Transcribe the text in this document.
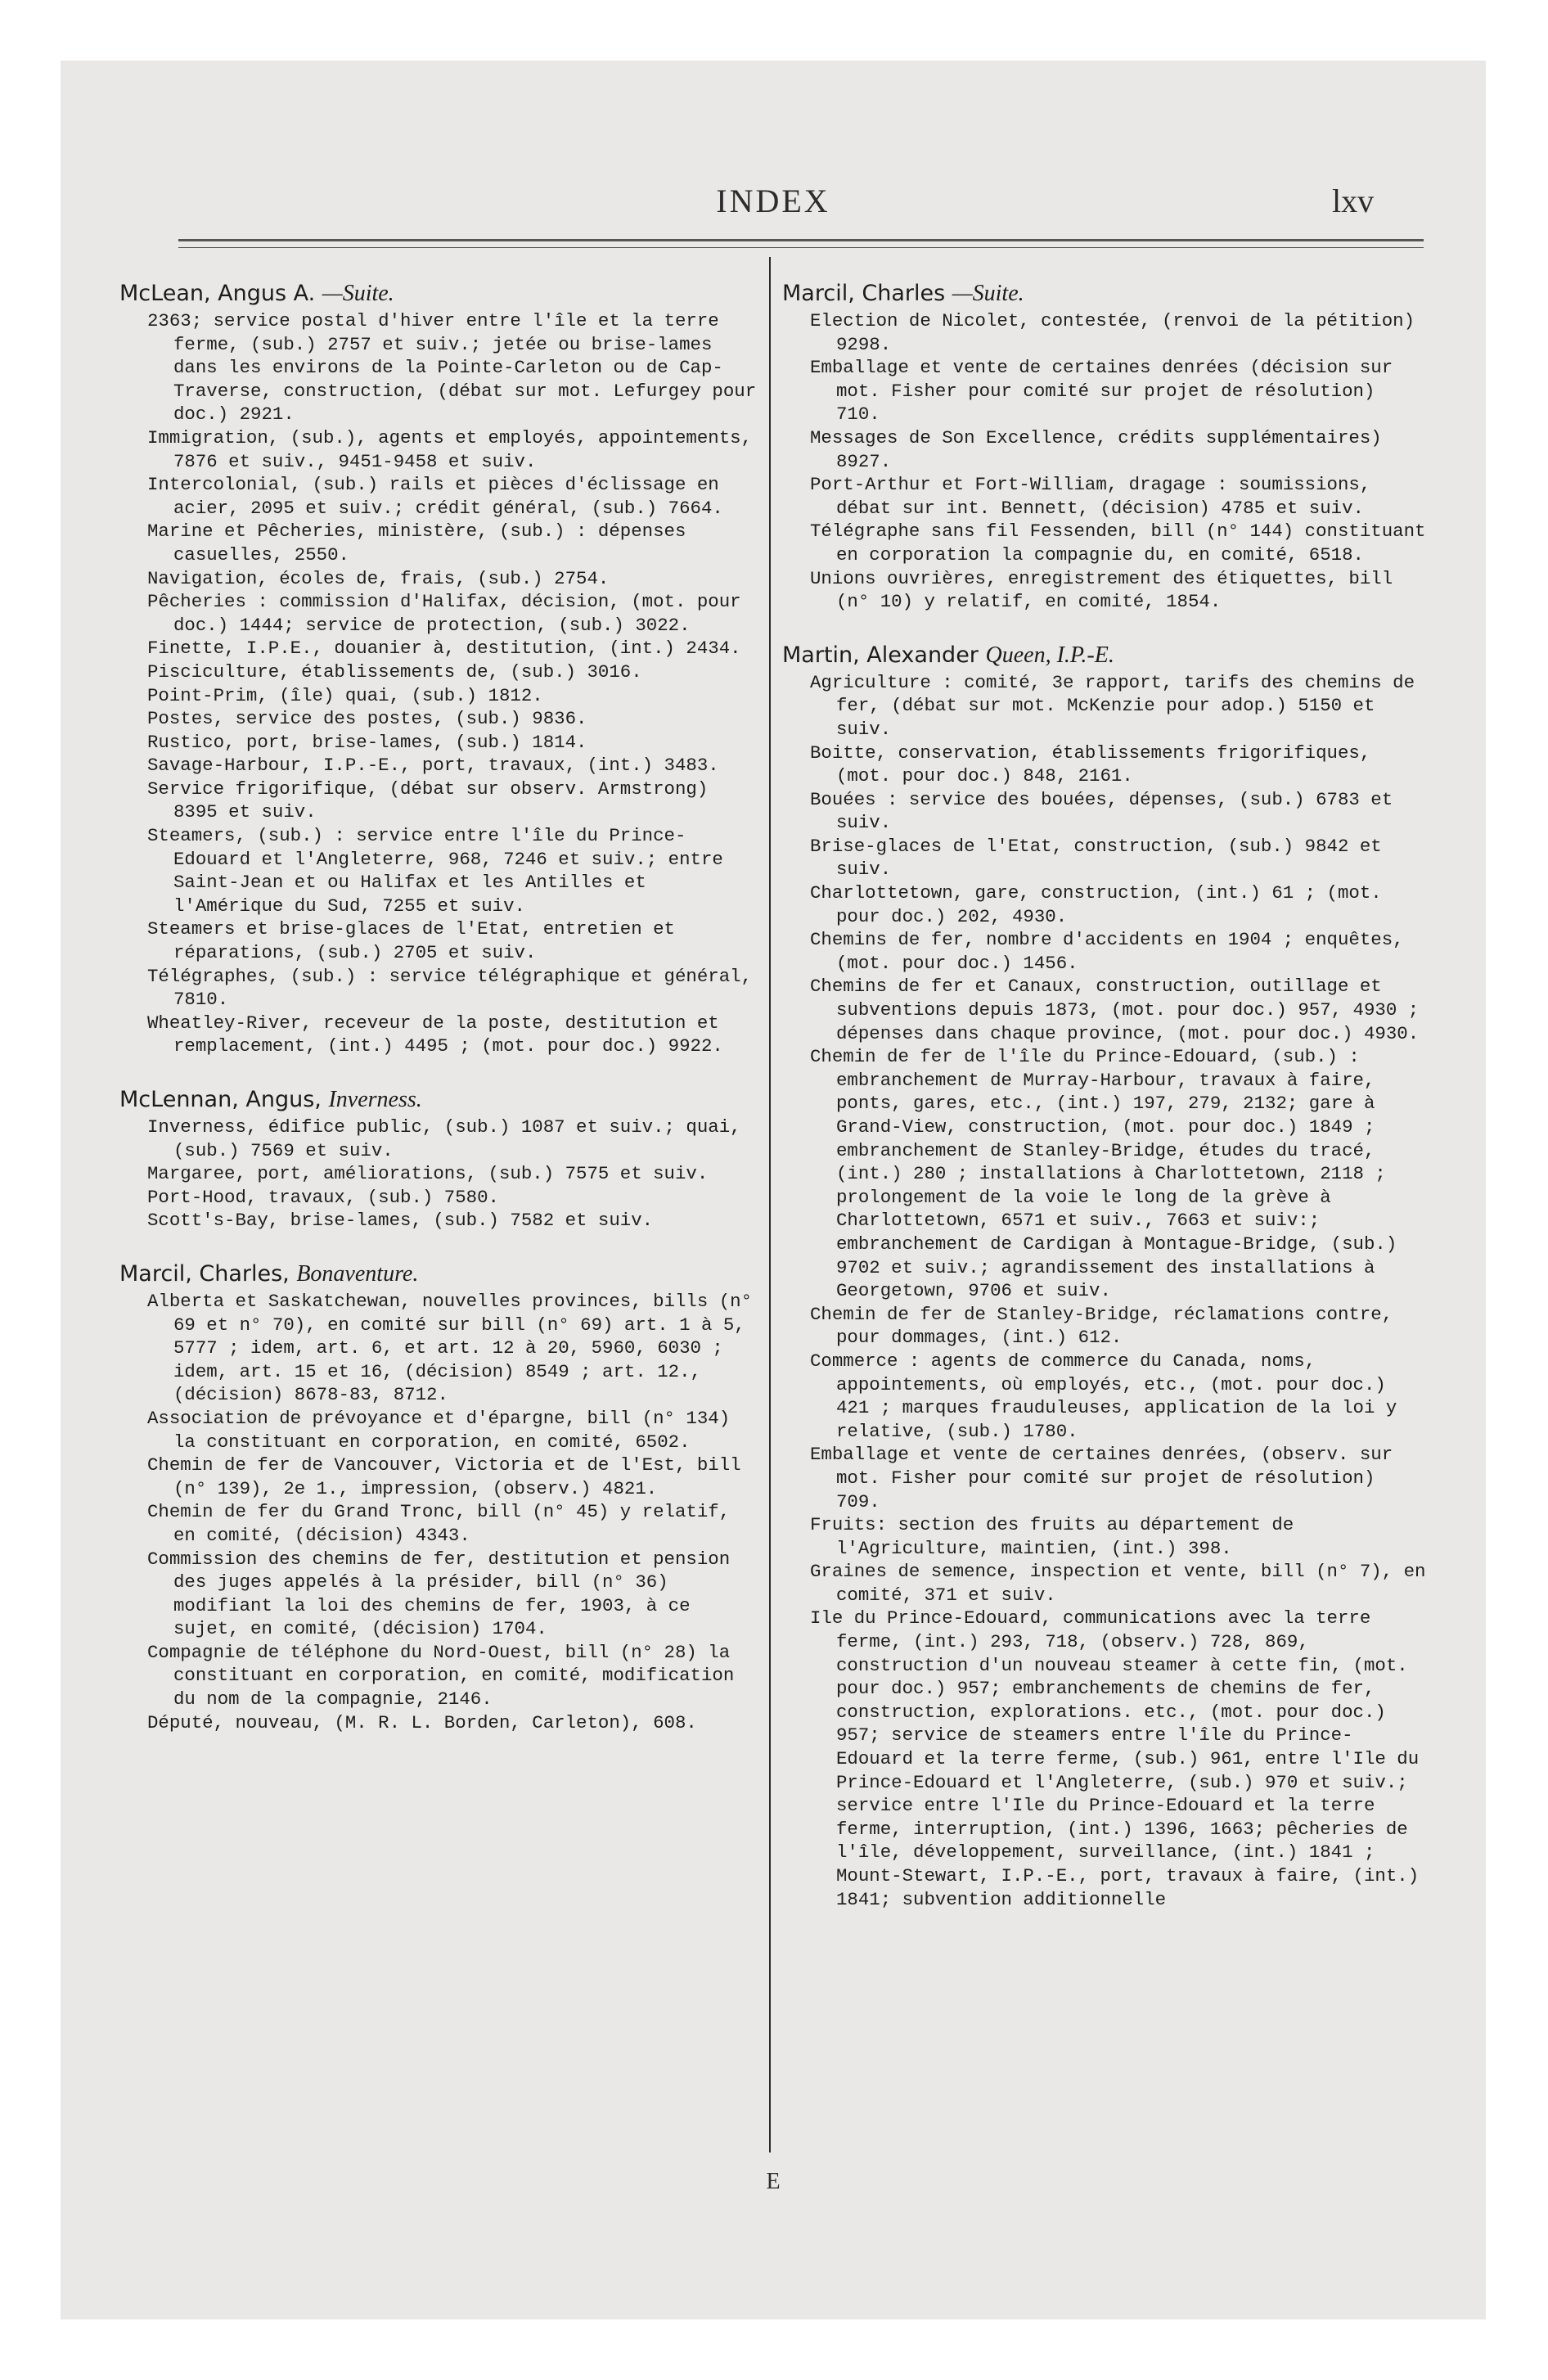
INDEX	lxv
McLean, Angus A. —Suite.

2363; service postal d'hiver entre l'île et la terre ferme, (sub.) 2757 et suiv.; jetée ou brise-lames dans les environs de la Pointe-Carleton ou de Cap-Traverse, construction, (débat sur mot. Lefurgey pour doc.) 2921.

Immigration, (sub.), agents et employés, appointements, 7876 et suiv., 9451-9458 et suiv.

Intercolonial, (sub.) rails et pièces d'éclissage en acier, 2095 et suiv.; crédit général, (sub.) 7664.

Marine et Pêcheries, ministère, (sub.) : dépenses casuelles, 2550.

Navigation, écoles de, frais, (sub.) 2754.

Pêcheries : commission d'Halifax, décision, (mot. pour doc.) 1444; service de protection, (sub.) 3022.

Finette, I.P.E., douanier à, destitution, (int.) 2434.

Pisciculture, établissements de, (sub.) 3016.

Point-Prim, (île) quai, (sub.) 1812.

Postes, service des postes, (sub.) 9836.

Rustico, port, brise-lames, (sub.) 1814.

Savage-Harbour, I.P.-E., port, travaux, (int.) 3483.

Service frigorifique, (débat sur observ. Armstrong) 8395 et suiv.

Steamers, (sub.) : service entre l'île du Prince-Edouard et l'Angleterre, 968, 7246 et suiv.; entre Saint-Jean et ou Halifax et les Antilles et l'Amérique du Sud, 7255 et suiv.

Steamers et brise-glaces de l'Etat, entretien et réparations, (sub.) 2705 et suiv.

Télégraphes, (sub.) : service télégraphique et général, 7810.

Wheatley-River, receveur de la poste, destitution et remplacement, (int.) 4495 ; (mot. pour doc.) 9922.

McLennan, Angus, Inverness.

Inverness, édifice public, (sub.) 1087 et suiv.; quai, (sub.) 7569 et suiv.

Margaree, port, améliorations, (sub.) 7575 et suiv.

Port-Hood, travaux, (sub.) 7580.

Scott's-Bay, brise-lames, (sub.) 7582 et suiv.

Marcil, Charles, Bonaventure.

Alberta et Saskatchewan, nouvelles provinces, bills (n° 69 et n° 70), en comité sur bill (n° 69) art. 1 à 5, 5777 ; idem, art. 6, et art. 12 à 20, 5960, 6030 ; idem, art. 15 et 16, (décision) 8549 ; art. 12., (décision) 8678-83, 8712.

Association de prévoyance et d'épargne, bill (n° 134) la constituant en corporation, en comité, 6502.

Chemin de fer de Vancouver, Victoria et de l'Est, bill (n° 139), 2e 1., impression, (observ.) 4821.

Chemin de fer du Grand Tronc, bill (n° 45) y relatif, en comité, (décision) 4343.

Commission des chemins de fer, destitution et pension des juges appelés à la présider, bill (n° 36) modifiant la loi des chemins de fer, 1903, à ce sujet, en comité, (décision) 1704.

Compagnie de téléphone du Nord-Ouest, bill (n° 28) la constituant en corporation, en comité, modification du nom de la compagnie, 2146.

Député, nouveau, (M. R. L. Borden, Carleton), 608.

Marcil, Charles —Suite.

Election de Nicolet, contestée, (renvoi de la pétition) 9298.

Emballage et vente de certaines denrées (décision sur mot. Fisher pour comité sur projet de résolution) 710.

Messages de Son Excellence, crédits supplémentaires) 8927.

Port-Arthur et Fort-William, dragage : soumissions, débat sur int. Bennett, (décision) 4785 et suiv.

Télégraphe sans fil Fessenden, bill (n° 144) constituant en corporation la compagnie du, en comité, 6518.

Unions ouvrières, enregistrement des étiquettes, bill (n° 10) y relatif, en comité, 1854.

Martin, Alexander Queen, I.P.-E.

Agriculture : comité, 3e rapport, tarifs des chemins de fer, (débat sur mot. McKenzie pour adop.) 5150 et suiv.

Boitte, conservation, établissements frigorifiques, (mot. pour doc.) 848, 2161.

Bouées : service des bouées, dépenses, (sub.) 6783 et suiv.

Brise-glaces de l'Etat, construction, (sub.) 9842 et suiv.

Charlottetown, gare, construction, (int.) 61 ; (mot. pour doc.) 202, 4930.

Chemins de fer, nombre d'accidents en 1904 ; enquêtes, (mot. pour doc.) 1456.

Chemins de fer et Canaux, construction, outillage et subventions depuis 1873, (mot. pour doc.) 957, 4930 ; dépenses dans chaque province, (mot. pour doc.) 4930.

Chemin de fer de l'île du Prince-Edouard, (sub.) : embranchement de Murray-Harbour, travaux à faire, ponts, gares, etc., (int.) 197, 279, 2132; gare à Grand-View, construction, (mot. pour doc.) 1849 ; embranchement de Stanley-Bridge, études du tracé, (int.) 280 ; installations à Charlottetown, 2118 ; prolongement de la voie le long de la grève à Charlottetown, 6571 et suiv., 7663 et suiv:; embranchement de Cardigan à Montague-Bridge, (sub.) 9702 et suiv.; agrandissement des installations à Georgetown, 9706 et suiv.

Chemin de fer de Stanley-Bridge, réclamations contre, pour dommages, (int.) 612.

Commerce : agents de commerce du Canada, noms, appointements, où employés, etc., (mot. pour doc.) 421 ; marques frauduleuses, application de la loi y relative, (sub.) 1780.

Emballage et vente de certaines denrées, (observ. sur mot. Fisher pour comité sur projet de résolution) 709.

Fruits: section des fruits au département de l'Agriculture, maintien, (int.) 398.

Graines de semence, inspection et vente, bill (n° 7), en comité, 371 et suiv.

Ile du Prince-Edouard, communications avec la terre ferme, (int.) 293, 718, (observ.) 728, 869, construction d'un nouveau steamer à cette fin, (mot. pour doc.) 957; embranchements de chemins de fer, construction, explorations. etc., (mot. pour doc.) 957; service de steamers entre l'île du Prince-Edouard et la terre ferme, (sub.) 961, entre l'Ile du Prince-Edouard et l'Angleterre, (sub.) 970 et suiv.; service entre l'Ile du Prince-Edouard et la terre ferme, interruption, (int.) 1396, 1663; pêcheries de l'île, développement, surveillance, (int.) 1841 ; Mount-Stewart, I.P.-E., port, travaux à faire, (int.) 1841; subvention additionnelle

E
